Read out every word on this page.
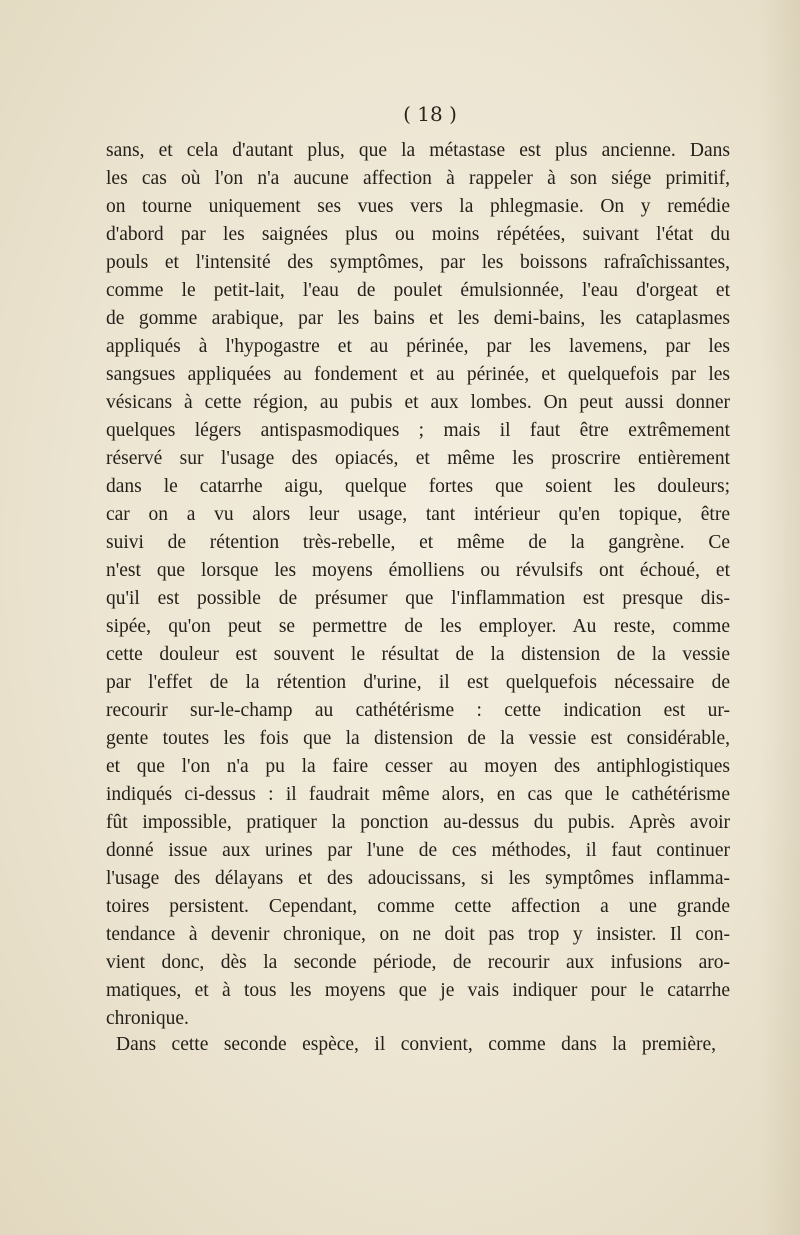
( 18 )
sans, et cela d'autant plus, que la métastase est plus ancienne. Dans
les cas où l'on n'a aucune affection à rappeler à son siége primitif,
on tourne uniquement ses vues vers la phlegmasie. On y remédie
d'abord par les saignées plus ou moins répétées, suivant l'état du
pouls et l'intensité des symptômes, par les boissons rafraîchissantes,
comme le petit-lait, l'eau de poulet émulsionnée, l'eau d'orgeat et
de gomme arabique, par les bains et les demi-bains, les cataplasmes
appliqués à l'hypogastre et au périnée, par les lavemens, par les
sangsues appliquées au fondement et au périnée, et quelquefois par les
vésicans à cette région, au pubis et aux lombes. On peut aussi donner
quelques légers antispasmodiques ; mais il faut être extrêmement
réservé sur l'usage des opiacés, et même les proscrire entièrement
dans le catarrhe aigu, quelque fortes que soient les douleurs;
car on a vu alors leur usage, tant intérieur qu'en topique, être
suivi de rétention très-rebelle, et même de la gangrène. Ce
n'est que lorsque les moyens émolliens ou révulsifs ont échoué, et
qu'il est possible de présumer que l'inflammation est presque dis-
sipée, qu'on peut se permettre de les employer. Au reste, comme
cette douleur est souvent le résultat de la distension de la vessie
par l'effet de la rétention d'urine, il est quelquefois nécessaire de
recourir sur-le-champ au cathétérisme : cette indication est ur-
gente toutes les fois que la distension de la vessie est considérable,
et que l'on n'a pu la faire cesser au moyen des antiphlogistiques
indiqués ci-dessus : il faudrait même alors, en cas que le cathétérisme
fût impossible, pratiquer la ponction au-dessus du pubis. Après avoir
donné issue aux urines par l'une de ces méthodes, il faut continuer
l'usage des délayans et des adoucissans, si les symptômes inflamma-
toires persistent. Cependant, comme cette affection a une grande
tendance à devenir chronique, on ne doit pas trop y insister. Il con-
vient donc, dès la seconde période, de recourir aux infusions aro-
matiques, et à tous les moyens que je vais indiquer pour le catarrhe
chronique.
Dans cette seconde espèce, il convient, comme dans la première,
